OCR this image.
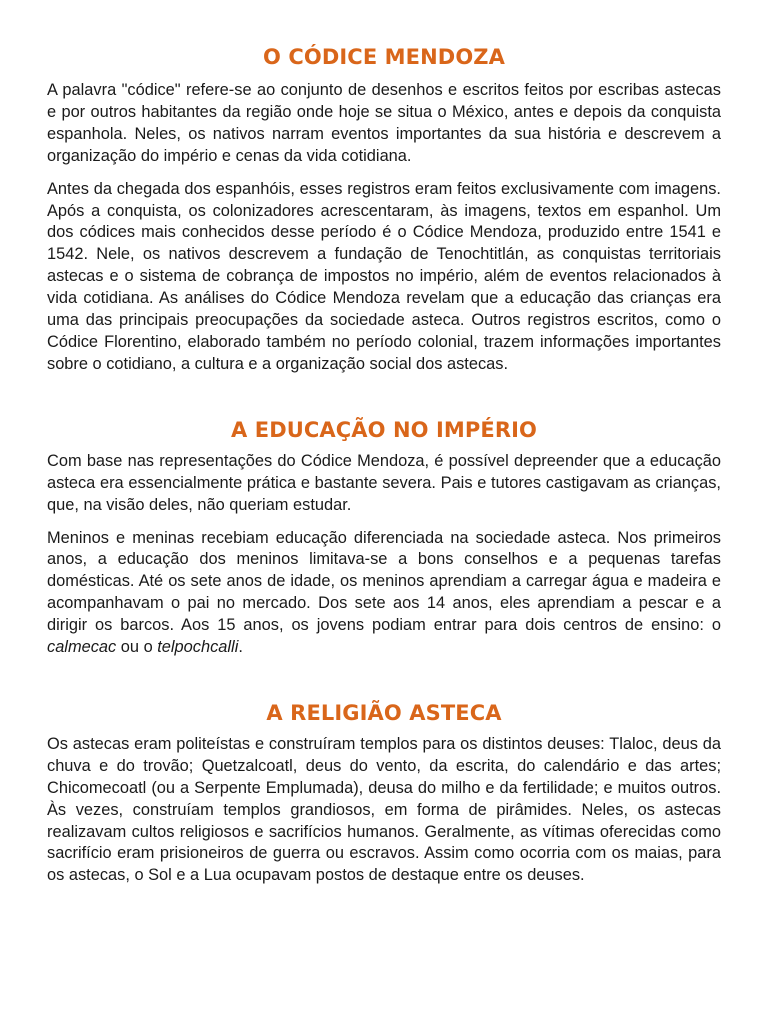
O CÓDICE MENDOZA

A palavra "códice" refere-se ao conjunto de desenhos e escritos feitos por escribas astecas e por outros habitantes da região onde hoje se situa o México, antes e depois da conquista espanhola. Neles, os nativos narram eventos importantes da sua história e descrevem a organização do império e cenas da vida cotidiana.

Antes da chegada dos espanhóis, esses registros eram feitos exclusivamente com imagens. Após a conquista, os colonizadores acrescentaram, às imagens, textos em espanhol. Um dos códices mais conhecidos desse período é o Códice Mendoza, produzido entre 1541 e 1542. Nele, os nativos descrevem a fundação de Tenochtitlán, as conquistas territoriais astecas e o sistema de cobrança de impostos no império, além de eventos relacionados à vida cotidiana. As análises do Códice Mendoza revelam que a educação das crianças era uma das principais preocupações da sociedade asteca. Outros registros escritos, como o Códice Florentino, elaborado também no período colonial, trazem informações importantes sobre o cotidiano, a cultura e a organização social dos astecas.

A EDUCAÇÃO NO IMPÉRIO

Com base nas representações do Códice Mendoza, é possível depreender que a educação asteca era essencialmente prática e bastante severa. Pais e tutores castigavam as crianças, que, na visão deles, não queriam estudar.

Meninos e meninas recebiam educação diferenciada na sociedade asteca. Nos primeiros anos, a educação dos meninos limitava-se a bons conselhos e a pequenas tarefas domésticas. Até os sete anos de idade, os meninos aprendiam a carregar água e madeira e acompanhavam o pai no mercado. Dos sete aos 14 anos, eles aprendiam a pescar e a dirigir os barcos. Aos 15 anos, os jovens podiam entrar para dois centros de ensino: o calmecac ou o telpochcalli.

A RELIGIÃO ASTECA

Os astecas eram politeístas e construíram templos para os distintos deuses: Tlaloc, deus da chuva e do trovão; Quetzalcoatl, deus do vento, da escrita, do calendário e das artes; Chicomecoatl (ou a Serpente Emplumada), deusa do milho e da fertilidade; e muitos outros. Às vezes, construíam templos grandiosos, em forma de pirâmides. Neles, os astecas realizavam cultos religiosos e sacrifícios humanos. Geralmente, as vítimas oferecidas como sacrifício eram prisioneiros de guerra ou escravos. Assim como ocorria com os maias, para os astecas, o Sol e a Lua ocupavam postos de destaque entre os deuses.
